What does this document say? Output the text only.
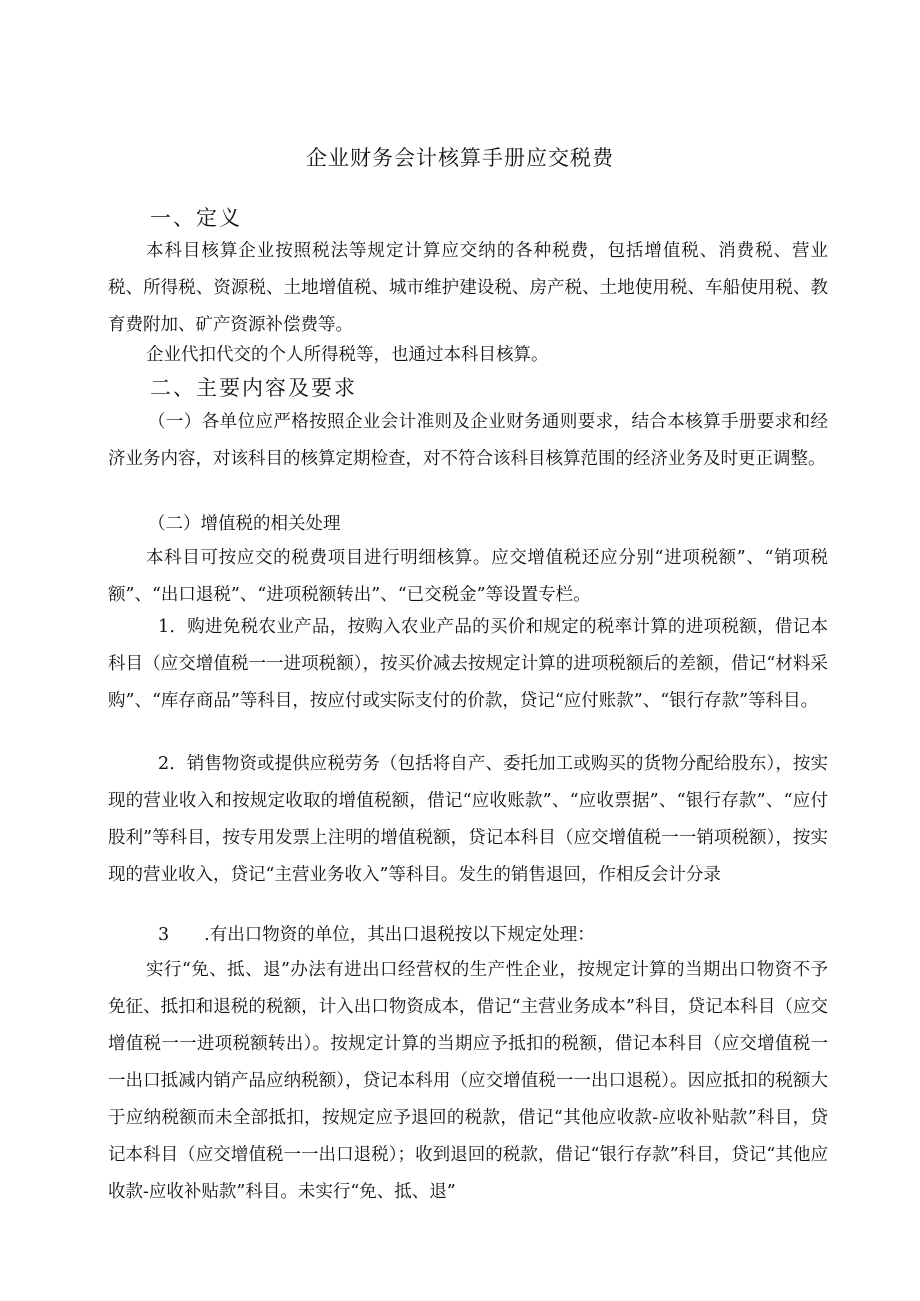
企业财务会计核算手册应交税费
一、定义

本科目核算企业按照税法等规定计算应交纳的各种税费，包括增值税、消费税、营业税、所得税、资源税、土地增值税、城市维护建设税、房产税、土地使用税、车船使用税、教育费附加、矿产资源补偿费等。

企业代扣代交的个人所得税等，也通过本科目核算。

二、主要内容及要求

（一）各单位应严格按照企业会计准则及企业财务通则要求，结合本核算手册要求和经济业务内容，对该科目的核算定期检查，对不符合该科目核算范围的经济业务及时更正调整。

（二）增值税的相关处理

本科目可按应交的税费项目进行明细核算。应交增值税还应分别“进项税额”、“销项税额”、“出口退税”、“进项税额转出”、“已交税金”等设置专栏。

1．购进免税农业产品，按购入农业产品的买价和规定的税率计算的进项税额，借记本科目（应交增值税一一进项税额），按买价减去按规定计算的进项税额后的差额，借记“材料采购”、“库存商品”等科目，按应付或实际支付的价款，贷记“应付账款”、“银行存款”等科目。

2．销售物资或提供应税劳务（包括将自产、委托加工或购买的货物分配给股东），按实现的营业收入和按规定收取的增值税额，借记“应收账款”、“应收票据”、“银行存款”、“应付股利”等科目，按专用发票上注明的增值税额，贷记本科目（应交增值税一一销项税额），按实现的营业收入，贷记“主营业务收入”等科目。发生的销售退回，作相反会计分录

3　　.有出口物资的单位，其出口退税按以下规定处理：

实行“免、抵、退”办法有进出口经营权的生产性企业，按规定计算的当期出口物资不予免征、抵扣和退税的税额，计入出口物资成本，借记“主营业务成本”科目，贷记本科目（应交增值税一一进项税额转出）。按规定计算的当期应予抵扣的税额，借记本科目（应交增值税一一出口抵减内销产品应纳税额），贷记本科用（应交增值税一一出口退税）。因应抵扣的税额大于应纳税额而未全部抵扣，按规定应予退回的税款，借记“其他应收款-应收补贴款”科目，贷记本科目（应交增值税一一出口退税）；收到退回的税款，借记“银行存款”科目，贷记“其他应收款-应收补贴款”科目。未实行“免、抵、退”
